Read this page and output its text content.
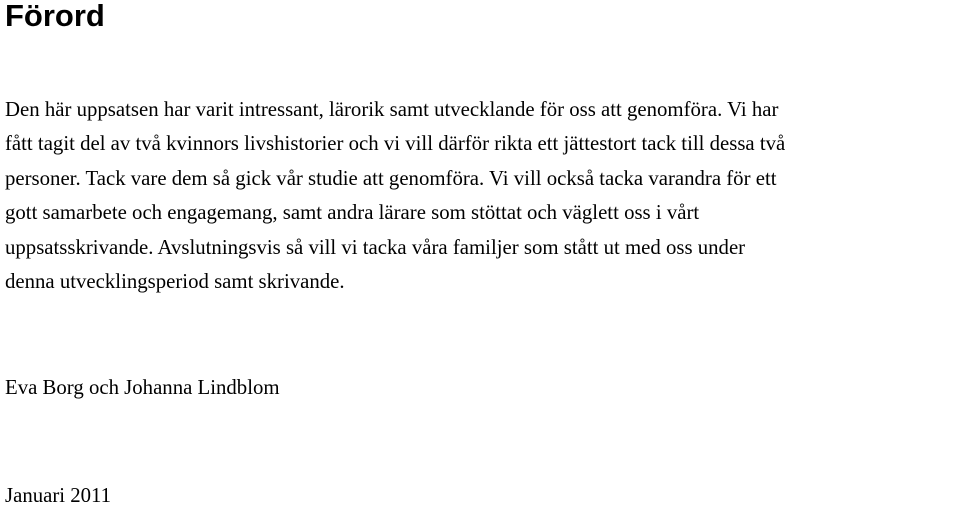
Förord

Den här uppsatsen har varit intressant, lärorik samt utvecklande för oss att genomföra. Vi har
fått tagit del av två kvinnors livshistorier och vi vill därför rikta ett jättestort tack till dessa två
personer. Tack vare dem så gick vår studie att genomföra. Vi vill också tacka varandra för ett
gott samarbete och engagemang, samt andra lärare som stöttat och väglett oss i vårt
uppsatsskrivande. Avslutningsvis så vill vi tacka våra familjer som stått ut med oss under
denna utvecklingsperiod samt skrivande.

Eva Borg och Johanna Lindblom

Januari 2011
